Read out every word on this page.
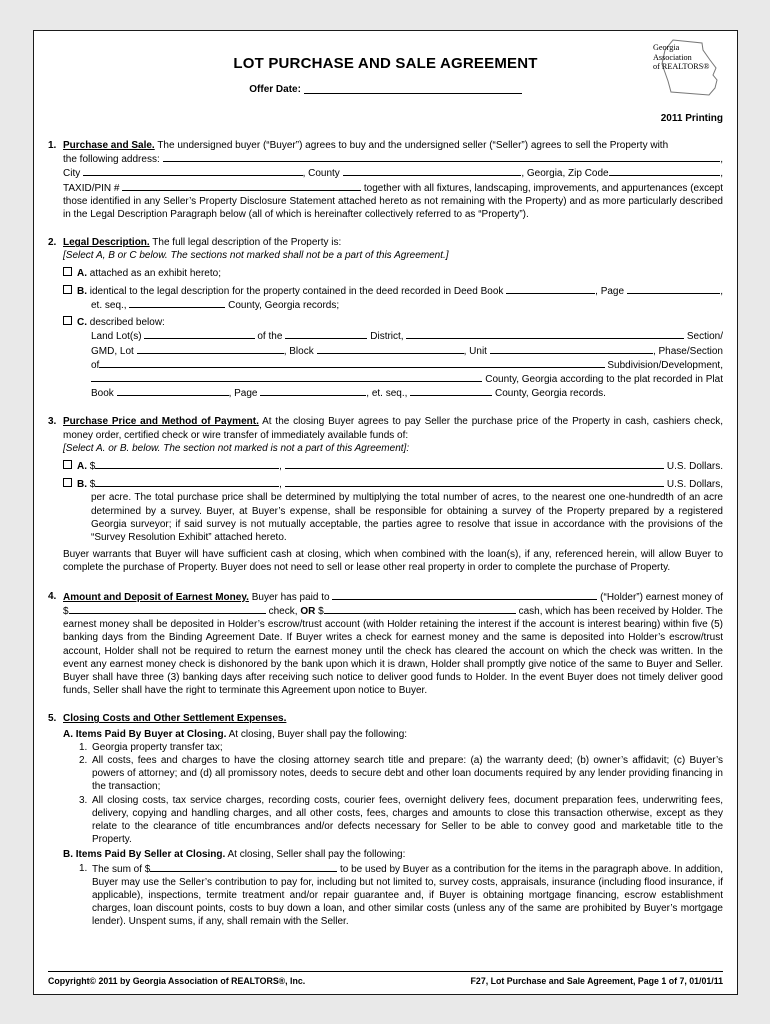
Georgia
Association
of REALTORS®
LOT PURCHASE AND SALE AGREEMENT
Offer Date:
2011 Printing
1. Purchase and Sale. The undersigned buyer (“Buyer”) agrees to buy and the undersigned seller (“Seller”) agrees to sell the Property with

the following address:	,
City	, County	, Georgia, Zip Code	,
TAXID/PIN #	together with all fixtures, landscaping, improvements, and appurtenances (except

those identified in any Seller’s Property Disclosure Statement attached hereto as not remaining with the Property) and as more particularly described in the Legal Description Paragraph below (all of which is hereinafter collectively referred to as “Property”).

2. Legal Description. The full legal description of the Property is:

[Select A, B or C below. The sections not marked shall not be a part of this Agreement.]

A. attached as an exhibit hereto;
B. identical to the legal description for the property contained in the deed recorded in Deed Book	, Page	,
et. seq.,	County, Georgia records;
C. described below:
Land Lot(s)	of the	District,	Section/
GMD, Lot	, Block	, Unit	, Phase/Section
of	Subdivision/Development,
County, Georgia according to the plat recorded in Plat
Book	, Page	, et. seq.,	County, Georgia records.
3. Purchase Price and Method of Payment. At the closing Buyer agrees to pay Seller the purchase price of the Property in cash, cashiers check, money order, certified check or wire transfer of immediately available funds of:

[Select A. or B. below. The section not marked is not a part of this Agreement]:

A. $	,	U.S. Dollars.
B. $	,	U.S. Dollars,

per acre. The total purchase price shall be determined by multiplying the total number of acres, to the nearest one one-hundredth of an acre determined by a survey. Buyer, at Buyer’s expense, shall be responsible for obtaining a survey of the Property prepared by a registered Georgia surveyor; if said survey is not mutually acceptable, the parties agree to resolve that issue in accordance with the provisions of the “Survey Resolution Exhibit” attached hereto.

Buyer warrants that Buyer will have sufficient cash at closing, which when combined with the loan(s), if any, referenced herein, will allow Buyer to complete the purchase of Property. Buyer does not need to sell or lease other real property in order to complete the purchase of Property.

4. Amount and Deposit of Earnest Money. Buyer has paid to	(“Holder”) earnest money of
$	check, OR $	cash, which has been received by Holder. The

earnest money shall be deposited in Holder’s escrow/trust account (with Holder retaining the interest if the account is interest bearing) within five (5) banking days from the Binding Agreement Date. If Buyer writes a check for earnest money and the same is deposited into Holder’s escrow/trust account, Holder shall not be required to return the earnest money until the check has cleared the account on which the check was written. In the event any earnest money check is dishonored by the bank upon which it is drawn, Holder shall promptly give notice of the same to Buyer and Seller. Buyer shall have three (3) banking days after receiving such notice to deliver good funds to Holder. In the event Buyer does not timely deliver good funds, Seller shall have the right to terminate this Agreement upon notice to Buyer.

5. Closing Costs and Other Settlement Expenses.

A. Items Paid By Buyer at Closing. At closing, Buyer shall pay the following:
1. Georgia property transfer tax;

2. All costs, fees and charges to have the closing attorney search title and prepare: (a) the warranty deed; (b) owner’s affidavit; (c) Buyer’s powers of attorney; and (d) all promissory notes, deeds to secure debt and other loan documents required by any lender providing financing in the transaction;

3. All closing costs, tax service charges, recording costs, courier fees, overnight delivery fees, document preparation fees, underwriting fees, delivery, copying and handling charges, and all other costs, fees, charges and amounts to close this transaction otherwise, except as they relate to the clearance of title encumbrances and/or defects necessary for Seller to be able to convey good and marketable title to the Property.

B. Items Paid By Seller at Closing. At closing, Seller shall pay the following:
1. The sum of $	to be used by Buyer as a contribution for the items in the paragraph above. In addition,

Buyer may use the Seller’s contribution to pay for, including but not limited to, survey costs, appraisals, insurance (including flood insurance, if applicable), inspections, termite treatment and/or repair guarantee and, if Buyer is obtaining mortgage financing, escrow establishment charges, loan discount points, costs to buy down a loan, and other similar costs (unless any of the same are prohibited by Buyer’s mortgage lender). Unspent sums, if any, shall remain with the Seller.

Copyright© 2011 by Georgia Association of REALTORS®, Inc.	F27, Lot Purchase and Sale Agreement, Page 1 of 7, 01/01/11
